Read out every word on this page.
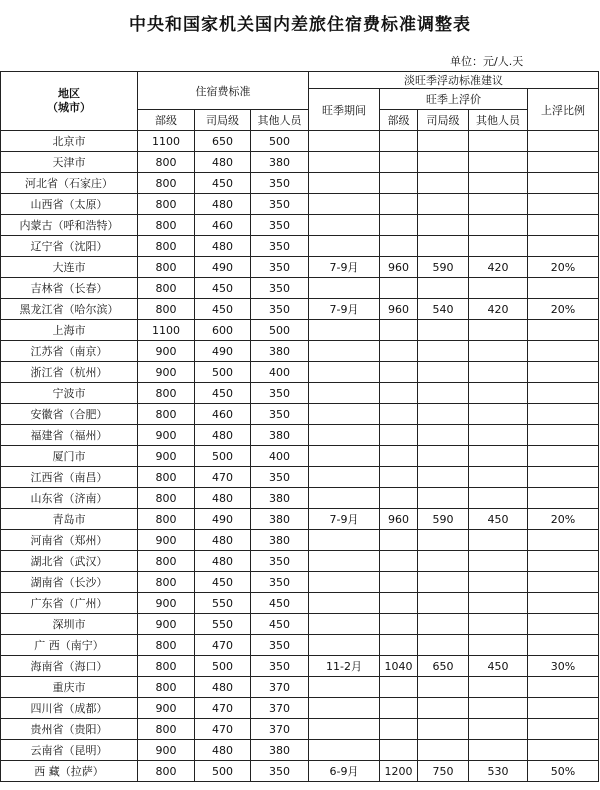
中央和国家机关国内差旅住宿费标准调整表
单位：元/人.天
地区
（城市）	住宿费标准			淡旺季浮动标准建议				
				旺季期间	旺季上浮价			上浮比例
	部级	司局级	其他人员		部级	司局级	其他人员	
北京市	1100	650	500					
天津市	800	480	380					
河北省（石家庄）	800	450	350					
山西省（太原）	800	480	350					
内蒙古（呼和浩特）	800	460	350					
辽宁省（沈阳）	800	480	350					
大连市	800	490	350	7-9月	960	590	420	20%
吉林省（长春）	800	450	350					
黑龙江省（哈尔滨）	800	450	350	7-9月	960	540	420	20%
上海市	1100	600	500					
江苏省（南京）	900	490	380					
浙江省（杭州）	900	500	400					
宁波市	800	450	350					
安徽省（合肥）	800	460	350					
福建省（福州）	900	480	380					
厦门市	900	500	400					
江西省（南昌）	800	470	350					
山东省（济南）	800	480	380					
青岛市	800	490	380	7-9月	960	590	450	20%
河南省（郑州）	900	480	380					
湖北省（武汉）	800	480	350					
湖南省（长沙）	800	450	350					
广东省（广州）	900	550	450					
深圳市	900	550	450					
广 西（南宁）	800	470	350					
海南省（海口）	800	500	350	11-2月	1040	650	450	30%
重庆市	800	480	370					
四川省（成都）	900	470	370					
贵州省（贵阳）	800	470	370					
云南省（昆明）	900	480	380					
西 藏（拉萨）	800	500	350	6-9月	1200	750	530	50%
